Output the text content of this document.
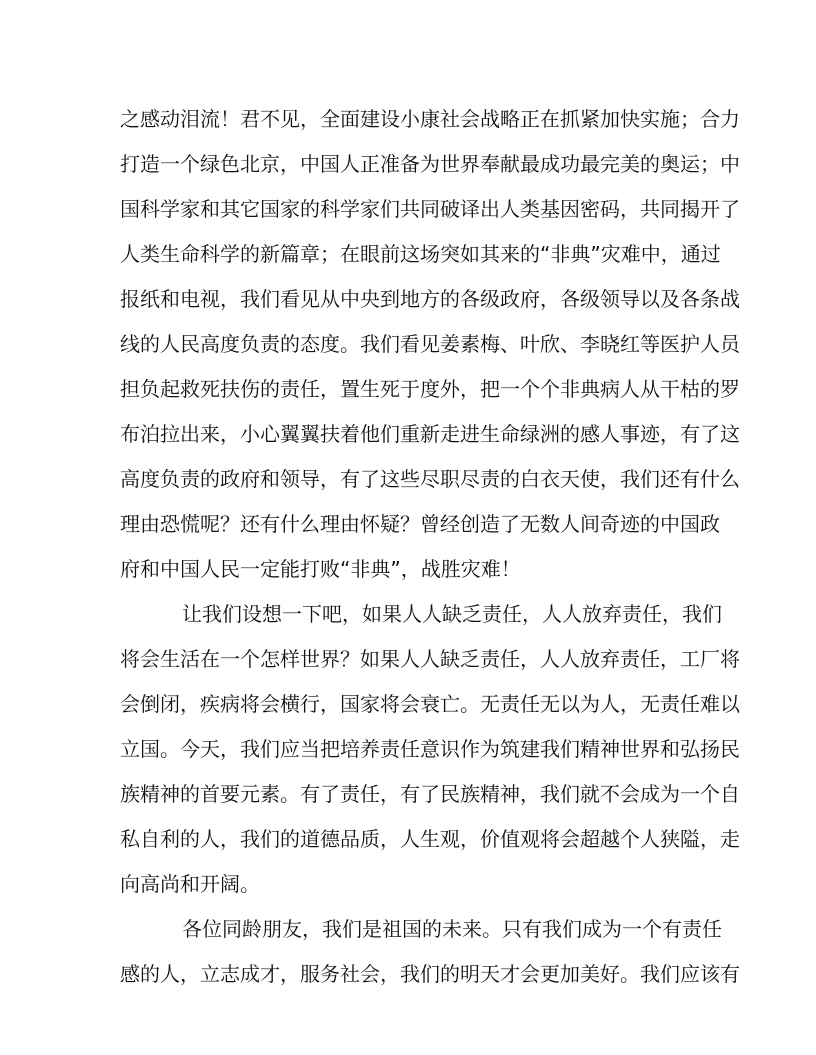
之感动泪流！君不见，全面建设小康社会战略正在抓紧加快实施；合力
打造一个绿色北京，中国人正准备为世界奉献最成功最完美的奥运；中
国科学家和其它国家的科学家们共同破译出人类基因密码，共同揭开了
人类生命科学的新篇章；在眼前这场突如其来的“非典”灾难中，通过
报纸和电视，我们看见从中央到地方的各级政府，各级领导以及各条战
线的人民高度负责的态度。我们看见姜素梅、叶欣、李晓红等医护人员
担负起救死扶伤的责任，置生死于度外，把一个个非典病人从干枯的罗
布泊拉出来，小心翼翼扶着他们重新走进生命绿洲的感人事迹，有了这
高度负责的政府和领导，有了这些尽职尽责的白衣天使，我们还有什么
理由恐慌呢？还有什么理由怀疑？曾经创造了无数人间奇迹的中国政
府和中国人民一定能打败“非典”，战胜灾难！
让我们设想一下吧，如果人人缺乏责任，人人放弃责任，我们
将会生活在一个怎样世界？如果人人缺乏责任，人人放弃责任，工厂将
会倒闭，疾病将会横行，国家将会衰亡。无责任无以为人，无责任难以
立国。今天，我们应当把培养责任意识作为筑建我们精神世界和弘扬民
族精神的首要元素。有了责任，有了民族精神，我们就不会成为一个自
私自利的人，我们的道德品质，人生观，价值观将会超越个人狭隘，走
向高尚和开阔。
各位同龄朋友，我们是祖国的未来。只有我们成为一个有责任
感的人，立志成才，服务社会，我们的明天才会更加美好。我们应该有
